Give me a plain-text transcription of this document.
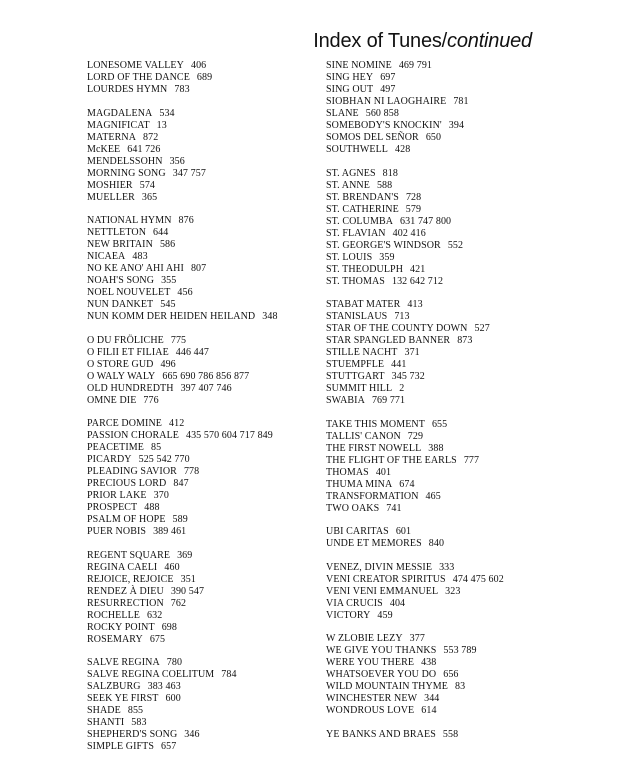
Index of Tunes/continued
LONESOME VALLEY 406
LORD OF THE DANCE 689
LOURDES HYMN 783
MAGDALENA 534
MAGNIFICAT 13
MATERNA 872
McKEE 641 726
MENDELSSOHN 356
MORNING SONG 347 757
MOSHIER 574
MUELLER 365
NATIONAL HYMN 876
NETTLETON 644
NEW BRITAIN 586
NICAEA 483
NO KE ANO' AHI AHI 807
NOAH'S SONG 355
NOEL NOUVELET 456
NUN DANKET 545
NUN KOMM DER HEIDEN HEILAND 348
O DU FRÖLICHE 775
O FILII ET FILIAE 446 447
O STORE GUD 496
O WALY WALY 665 690 786 856 877
OLD HUNDREDTH 397 407 746
OMNE DIE 776
PARCE DOMINE 412
PASSION CHORALE 435 570 604 717 849
PEACETIME 85
PICARDY 525 542 770
PLEADING SAVIOR 778
PRECIOUS LORD 847
PRIOR LAKE 370
PROSPECT 488
PSALM OF HOPE 589
PUER NOBIS 389 461
REGENT SQUARE 369
REGINA CAELI 460
REJOICE, REJOICE 351
RENDEZ À DIEU 390 547
RESURRECTION 762
ROCHELLE 632
ROCKY POINT 698
ROSEMARY 675
SALVE REGINA 780
SALVE REGINA COELITUM 784
SALZBURG 383 463
SEEK YE FIRST 600
SHADE 855
SHANTI 583
SHEPHERD'S SONG 346
SIMPLE GIFTS 657
SINE NOMINE 469 791
SING HEY 697
SING OUT 497
SIOBHAN NI LAOGHAIRE 781
SLANE 560 858
SOMEBODY'S KNOCKIN' 394
SOMOS DEL SEÑOR 650
SOUTHWELL 428
ST. AGNES 818
ST. ANNE 588
ST. BRENDAN'S 728
ST. CATHERINE 579
ST. COLUMBA 631 747 800
ST. FLAVIAN 402 416
ST. GEORGE'S WINDSOR 552
ST. LOUIS 359
ST. THEODULPH 421
ST. THOMAS 132 642 712
STABAT MATER 413
STANISLAUS 713
STAR OF THE COUNTY DOWN 527
STAR SPANGLED BANNER 873
STILLE NACHT 371
STUEMPFLE 441
STUTTGART 345 732
SUMMIT HILL 2
SWABIA 769 771
TAKE THIS MOMENT 655
TALLIS' CANON 729
THE FIRST NOWELL 388
THE FLIGHT OF THE EARLS 777
THOMAS 401
THUMA MINA 674
TRANSFORMATION 465
TWO OAKS 741
UBI CARITAS 601
UNDE ET MEMORES 840
VENEZ, DIVIN MESSIE 333
VENI CREATOR SPIRITUS 474 475 602
VENI VENI EMMANUEL 323
VIA CRUCIS 404
VICTORY 459
W ZLOBIE LEZY 377
WE GIVE YOU THANKS 553 789
WERE YOU THERE 438
WHATSOEVER YOU DO 656
WILD MOUNTAIN THYME 83
WINCHESTER NEW 344
WONDROUS LOVE 614
YE BANKS AND BRAES 558
